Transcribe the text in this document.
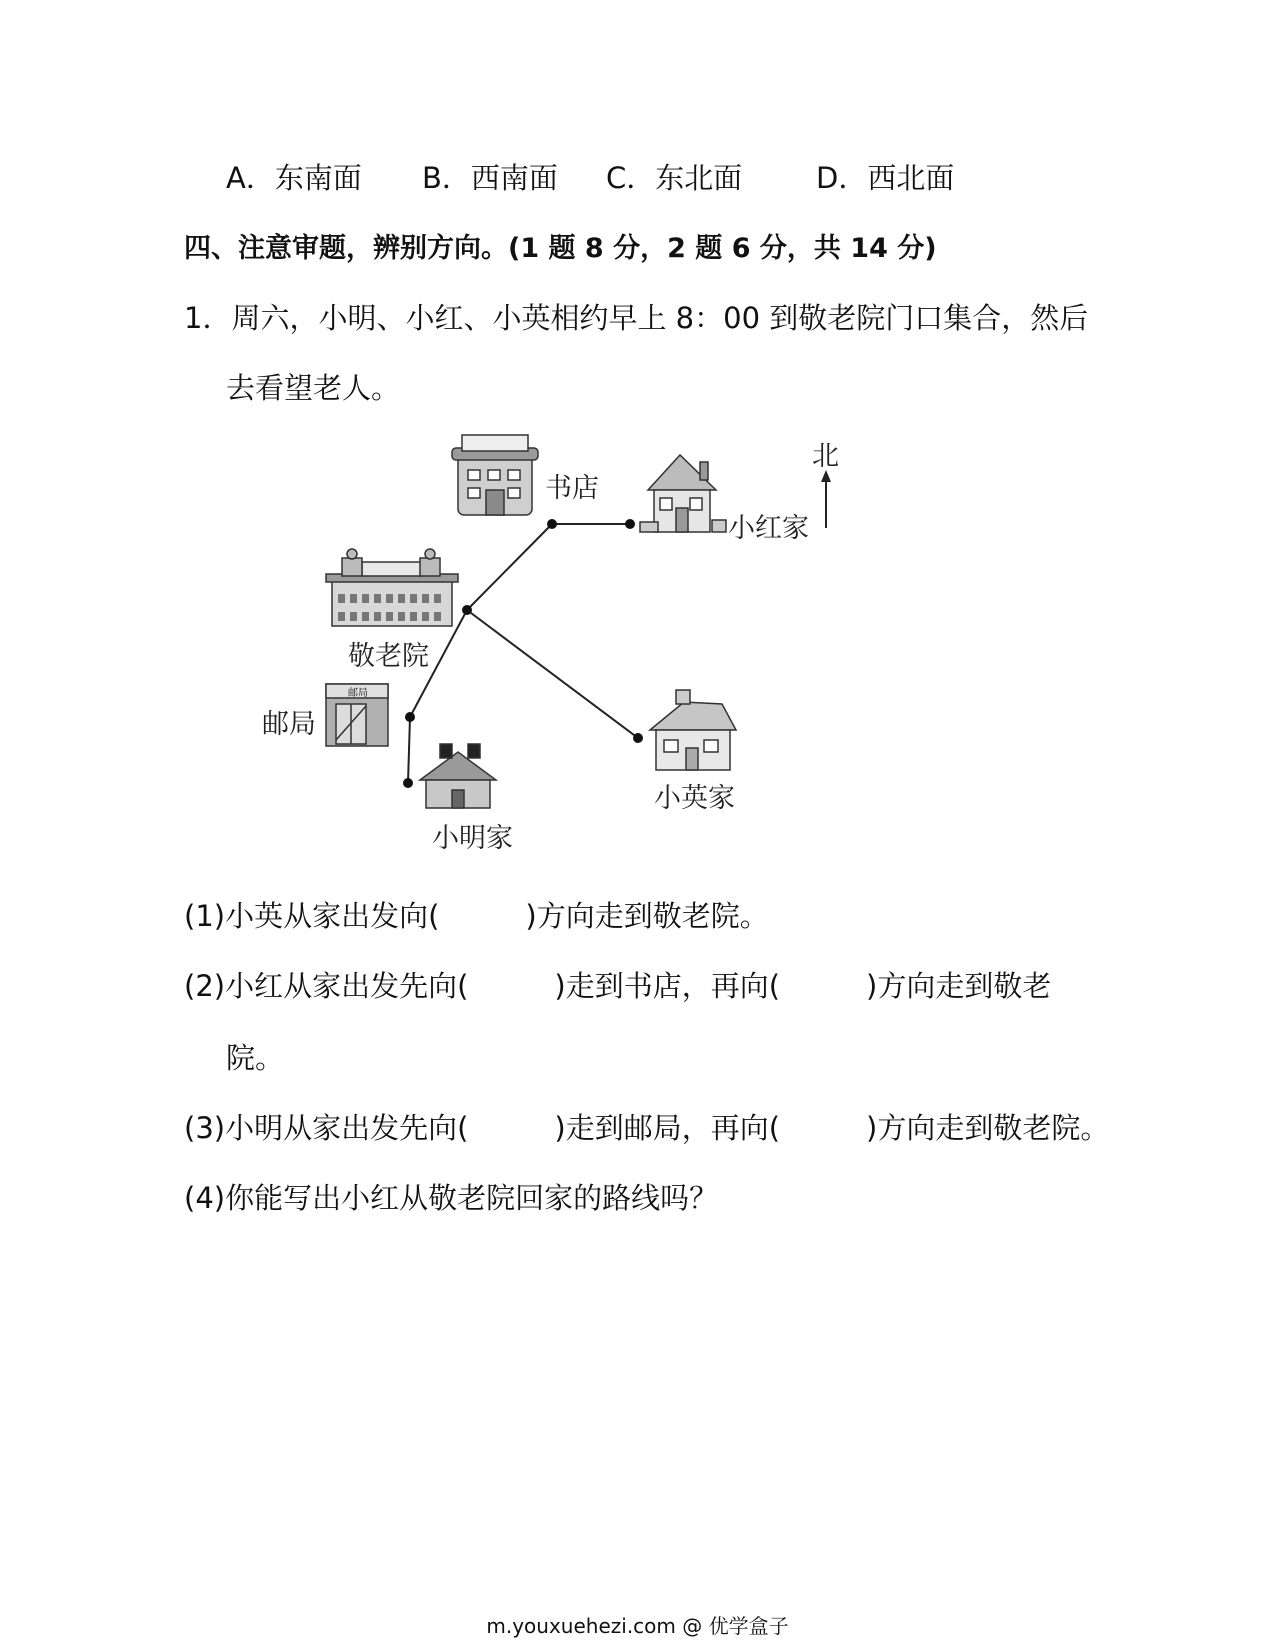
A．东南面 B．西南面 C．东北面	D．西北面
四、注意审题，辨别方向。(1 题 8 分，2 题 6 分，共 14 分)
1．周六，小明、小红、小英相约早上 8：00 到敬老院门口集合，然后
去看望老人。
邮局
书店
小红家
北
敬老院
邮局
小英家
小明家
(1)小英从家出发向(	)方向走到敬老院。
(2)小红从家出发先向(	)走到书店，再向(	)方向走到敬老
院。
(3)小明从家出发先向(	)走到邮局，再向(	)方向走到敬老院。
(4)你能写出小红从敬老院回家的路线吗？
m.youxuehezi.com @ 优学盒子
